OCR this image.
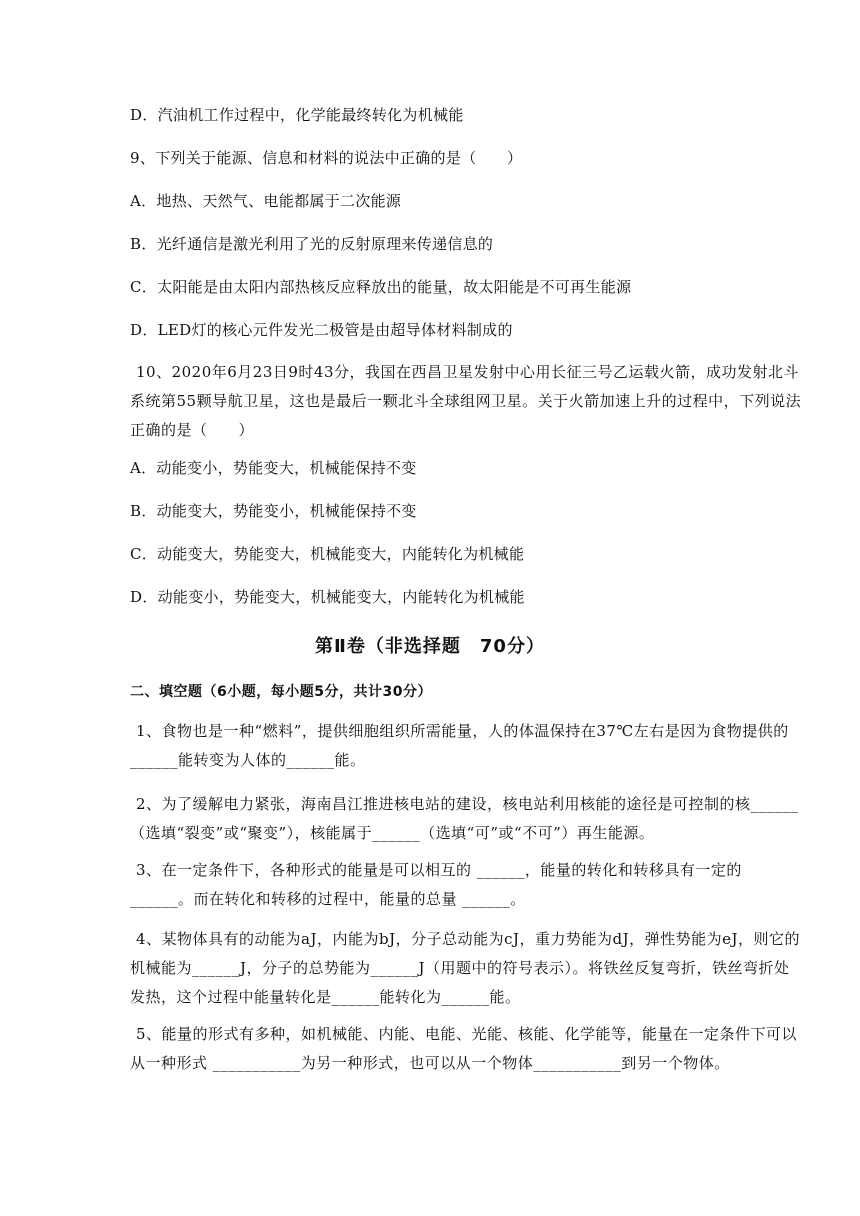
D．汽油机工作过程中，化学能最终转化为机械能
9、下列关于能源、信息和材料的说法中正确的是（　　）
A．地热、天然气、电能都属于二次能源
B．光纤通信是激光利用了光的反射原理来传递信息的
C．太阳能是由太阳内部热核反应释放出的能量，故太阳能是不可再生能源
D．LED灯的核心元件发光二极管是由超导体材料制成的
10、2020年6月23日9时43分，我国在西昌卫星发射中心用长征三号乙运载火箭，成功发射北斗系统第55颗导航卫星，这也是最后一颗北斗全球组网卫星。关于火箭加速上升的过程中，下列说法正确的是（　　）
A．动能变小，势能变大，机械能保持不变
B．动能变大，势能变小，机械能保持不变
C．动能变大，势能变大，机械能变大，内能转化为机械能
D．动能变小，势能变大，机械能变大，内能转化为机械能
第Ⅱ卷（非选择题　70分）
二、填空题（6小题，每小题5分，共计30分）
1、食物也是一种“燃料”，提供细胞组织所需能量，人的体温保持在37℃左右是因为食物提供的______能转变为人体的______能。
2、为了缓解电力紧张，海南昌江推进核电站的建设，核电站利用核能的途径是可控制的核______（选填“裂变”或“聚变”），核能属于______（选填“可”或“不可”）再生能源。
3、在一定条件下，各种形式的能量是可以相互的 ______，能量的转化和转移具有一定的 ______。而在转化和转移的过程中，能量的总量 ______。
4、某物体具有的动能为aJ，内能为bJ，分子总动能为cJ，重力势能为dJ，弹性势能为eJ，则它的机械能为______J，分子的总势能为______J（用题中的符号表示）。将铁丝反复弯折，铁丝弯折处发热，这个过程中能量转化是______能转化为______能。
5、能量的形式有多种，如机械能、内能、电能、光能、核能、化学能等，能量在一定条件下可以从一种形式 ___________为另一种形式，也可以从一个物体___________到另一个物体。
